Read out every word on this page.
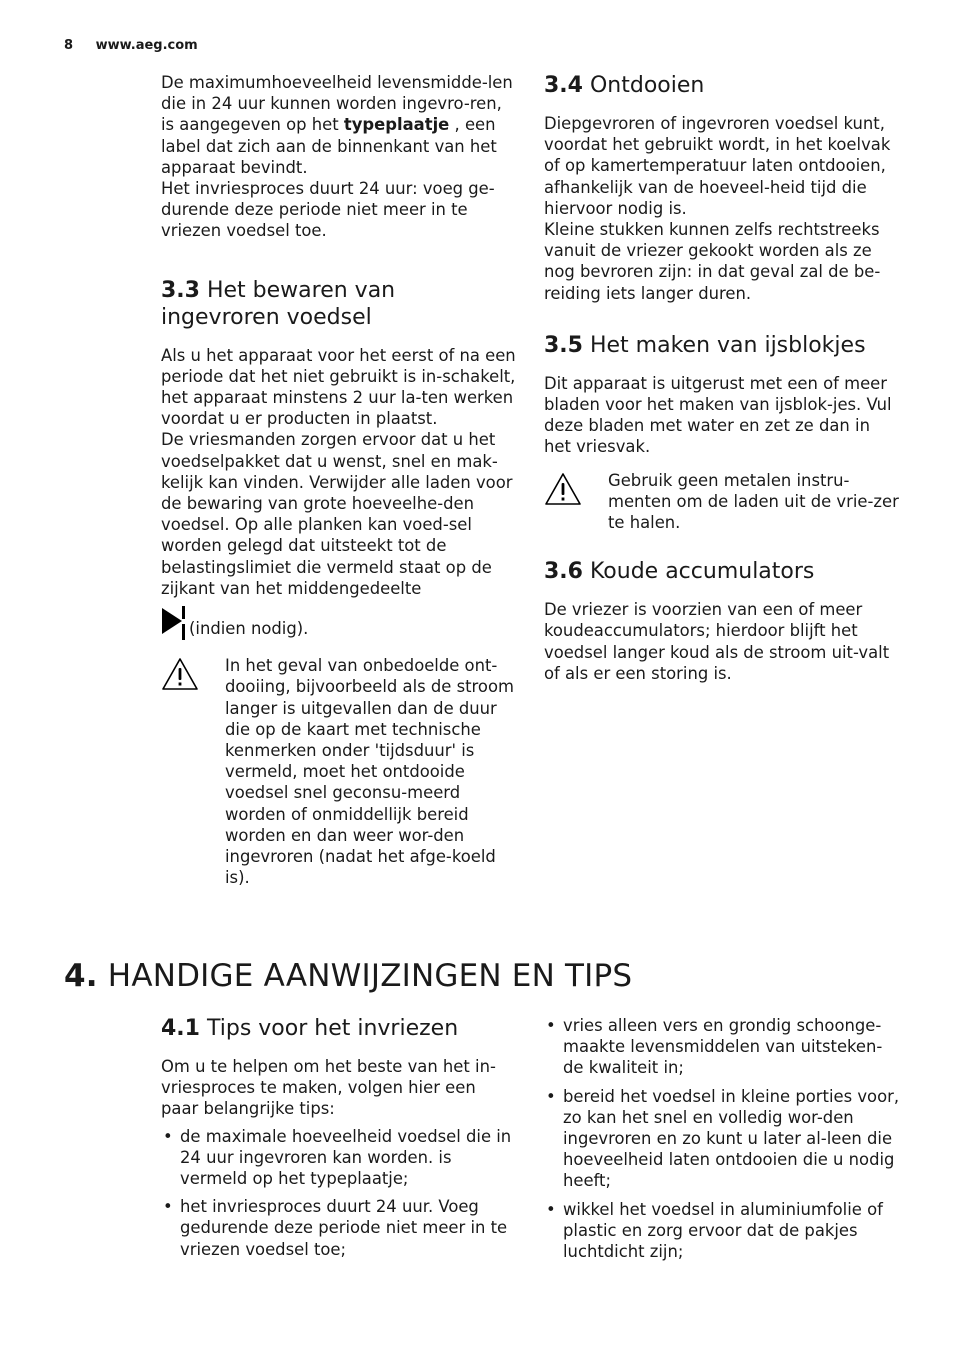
8 www.aeg.com

De maximumhoeveelheid levensmidde-len die in 24 uur kunnen worden ingevro-ren, is aangegeven op het typeplaatje , een label dat zich aan de binnenkant van het apparaat bevindt.

Het invriesproces duurt 24 uur: voeg ge-durende deze periode niet meer in te vriezen voedsel toe.

3.3 Het bewaren van ingevroren voedsel

Als u het apparaat voor het eerst of na een periode dat het niet gebruikt is in-schakelt, het apparaat minstens 2 uur la-ten werken voordat u er producten in plaatst.

De vriesmanden zorgen ervoor dat u het voedselpakket dat u wenst, snel en mak-kelijk kan vinden. Verwijder alle laden voor de bewaring van grote hoeveelhe-den voedsel. Op alle planken kan voed-sel worden gelegd dat uitsteekt tot de belastingslimiet die vermeld staat op de zijkant van het middengedeelte

(indien nodig).

In het geval van onbedoelde ont-dooiing, bijvoorbeeld als de stroom langer is uitgevallen dan de duur die op de kaart met technische kenmerken onder 'tijdsduur' is vermeld, moet het ontdooide voedsel snel geconsu-meerd worden of onmiddellijk bereid worden en dan weer wor-den ingevroren (nadat het afge-koeld is).

3.4 Ontdooien

Diepgevroren of ingevroren voedsel kunt, voordat het gebruikt wordt, in het koelvak of op kamertemperatuur laten ontdooien, afhankelijk van de hoeveel-heid tijd die hiervoor nodig is.

Kleine stukken kunnen zelfs rechtstreeks vanuit de vriezer gekookt worden als ze nog bevroren zijn: in dat geval zal de be-reiding iets langer duren.

3.5 Het maken van ijsblokjes

Dit apparaat is uitgerust met een of meer bladen voor het maken van ijsblok-jes. Vul deze bladen met water en zet ze dan in het vriesvak.

Gebruik geen metalen instru-menten om de laden uit de vrie-zer te halen.

3.6 Koude accumulators

De vriezer is voorzien van een of meer koudeaccumulators; hierdoor blijft het voedsel langer koud als de stroom uit-valt of als er een storing is.

4. HANDIGE AANWIJZINGEN EN TIPS
4.1 Tips voor het invriezen

Om u te helpen om het beste van het in-vriesproces te maken, volgen hier een paar belangrijke tips:

• de maximale hoeveelheid voedsel die in 24 uur ingevroren kan worden. is vermeld op het typeplaatje;
• het invriesproces duurt 24 uur. Voeg gedurende deze periode niet meer in te vriezen voedsel toe;
• vries alleen vers en grondig schoonge-maakte levensmiddelen van uitsteken-de kwaliteit in;
• bereid het voedsel in kleine porties voor, zo kan het snel en volledig wor-den ingevroren en zo kunt u later al-leen die hoeveelheid laten ontdooien die u nodig heeft;
• wikkel het voedsel in aluminiumfolie of plastic en zorg ervoor dat de pakjes luchtdicht zijn;
